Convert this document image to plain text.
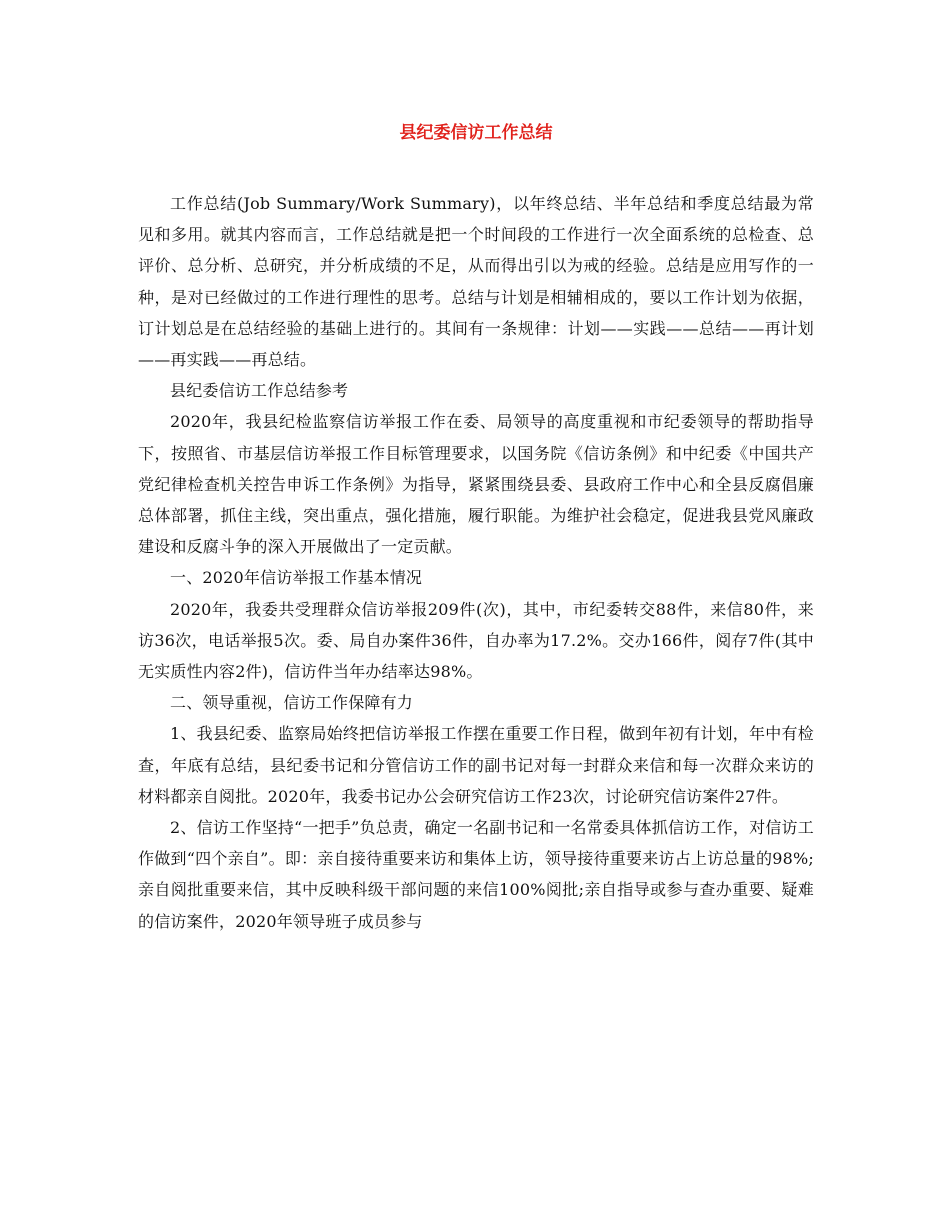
县纪委信访工作总结

工作总结(Job Summary/Work Summary)，以年终总结、半年总结和季度总结最为常见和多用。就其内容而言，工作总结就是把一个时间段的工作进行一次全面系统的总检查、总评价、总分析、总研究，并分析成绩的不足，从而得出引以为戒的经验。总结是应用写作的一种，是对已经做过的工作进行理性的思考。总结与计划是相辅相成的，要以工作计划为依据，订计划总是在总结经验的基础上进行的。其间有一条规律：计划——实践——总结——再计划——再实践——再总结。

县纪委信访工作总结参考

2020年，我县纪检监察信访举报工作在委、局领导的高度重视和市纪委领导的帮助指导下，按照省、市基层信访举报工作目标管理要求，以国务院《信访条例》和中纪委《中国共产党纪律检查机关控告申诉工作条例》为指导，紧紧围绕县委、县政府工作中心和全县反腐倡廉总体部署，抓住主线，突出重点，强化措施，履行职能。为维护社会稳定，促进我县党风廉政建设和反腐斗争的深入开展做出了一定贡献。

一、2020年信访举报工作基本情况

2020年，我委共受理群众信访举报209件(次)，其中，市纪委转交88件，来信80件，来访36次，电话举报5次。委、局自办案件36件，自办率为17.2%。交办166件，阅存7件(其中无实质性内容2件)，信访件当年办结率达98%。

二、领导重视，信访工作保障有力

1、我县纪委、监察局始终把信访举报工作摆在重要工作日程，做到年初有计划，年中有检查，年底有总结，县纪委书记和分管信访工作的副书记对每一封群众来信和每一次群众来访的材料都亲自阅批。2020年，我委书记办公会研究信访工作23次，讨论研究信访案件27件。

2、信访工作坚持“一把手”负总责，确定一名副书记和一名常委具体抓信访工作，对信访工作做到“四个亲自”。即：亲自接待重要来访和集体上访，领导接待重要来访占上访总量的98%;亲自阅批重要来信，其中反映科级干部问题的来信100%阅批;亲自指导或参与查办重要、疑难的信访案件，2020年领导班子成员参与
